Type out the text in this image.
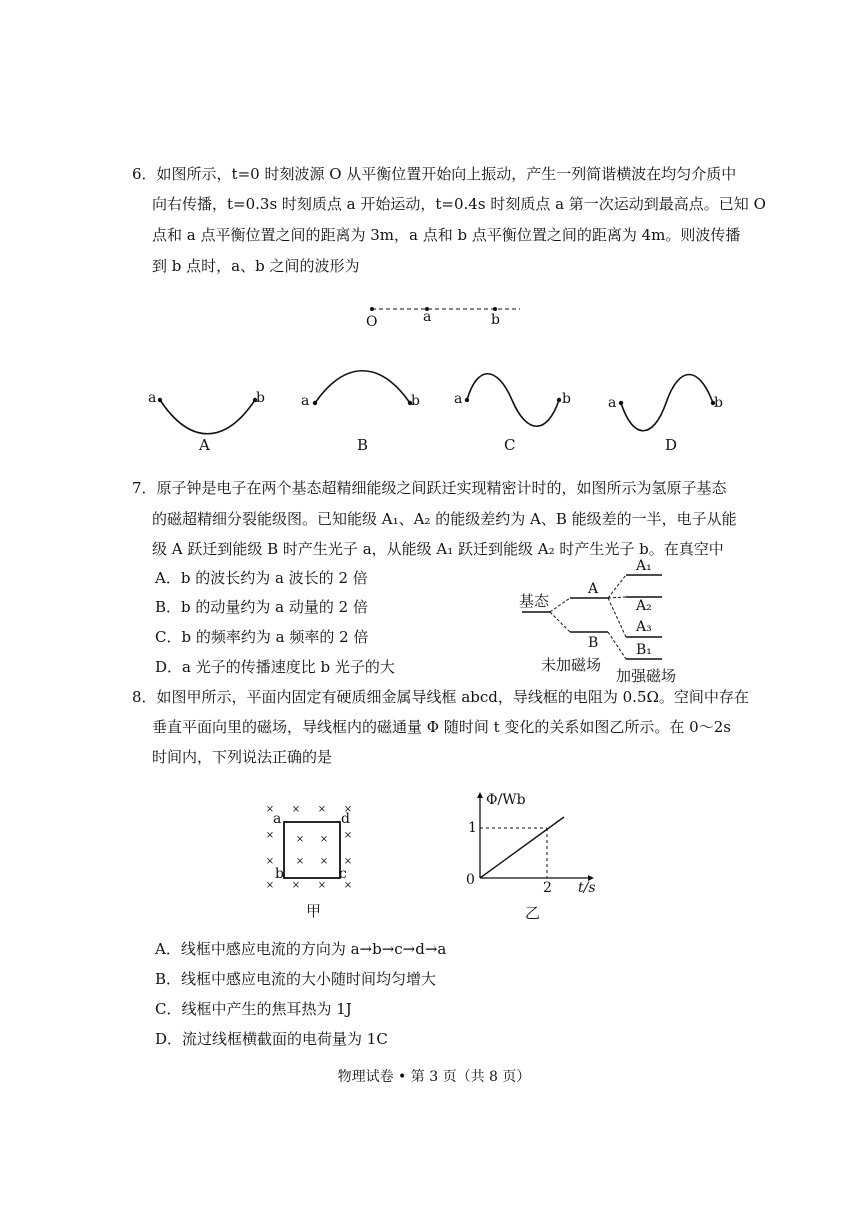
6．如图所示，t=0 时刻波源 O 从平衡位置开始向上振动，产生一列简谐横波在均匀介质中
向右传播，t=0.3s 时刻质点 a 开始运动，t=0.4s 时刻质点 a 第一次运动到最高点。已知 O
点和 a 点平衡位置之间的距离为 3m，a 点和 b 点平衡位置之间的距离为 4m。则波传播
到 b 点时，a、b 之间的波形为
O	a	b
a	b
A
a	b
B
a	b
C
a	b
D
7．原子钟是电子在两个基态超精细能级之间跃迁实现精密计时的，如图所示为氢原子基态
的磁超精细分裂能级图。已知能级 A₁、A₂ 的能级差约为 A、B 能级差的一半，电子从能
级 A 跃迁到能级 B 时产生光子 a，从能级 A₁ 跃迁到能级 A₂ 时产生光子 b。在真空中
A．b 的波长约为 a 波长的 2 倍
B．b 的动量约为 a 动量的 2 倍
C．b 的频率约为 a 频率的 2 倍
D．a 光子的传播速度比 b 光子的大
基态
A
B
A₁
A₂
A₃
B₁
未加磁场
加强磁场
8．如图甲所示，平面内固定有硬质细金属导线框 abcd，导线框的电阻为 0.5Ω。空间中存在
垂直平面向里的磁场，导线框内的磁通量 Φ 随时间 t 变化的关系如图乙所示。在 0～2s
时间内，下列说法正确的是
×
×
×
×
×
×
×
×
×	×
×	×
× ×
× ×
a	d
b	c
甲
Φ/Wb
1
0	2 t/s
乙
A．线框中感应电流的方向为 a→b→c→d→a
B．线框中感应电流的大小随时间均匀增大
C．线框中产生的焦耳热为 1J
D．流过线框横截面的电荷量为 1C
物理试卷 • 第 3 页（共 8 页）
